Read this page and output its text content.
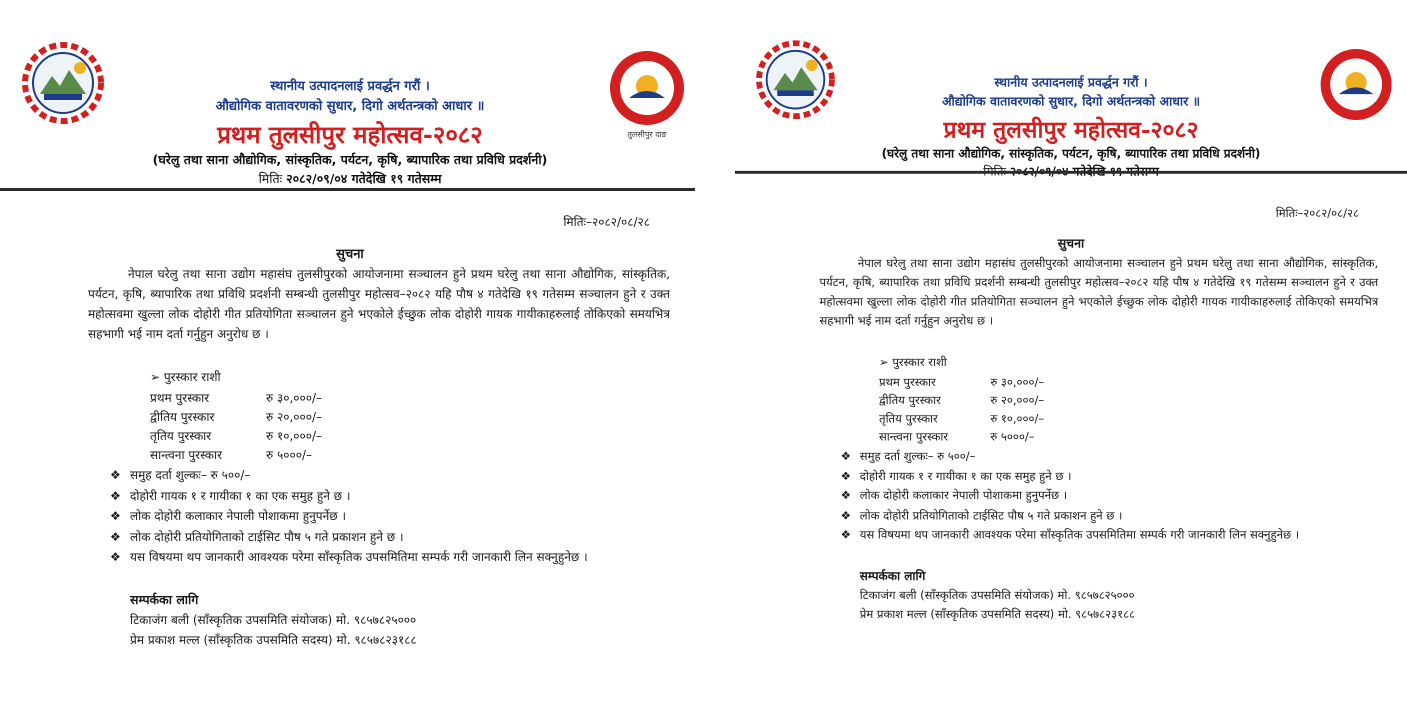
तुलसीपुर दाङ
स्थानीय उत्पादनलाई प्रवर्द्धन गरौं ।
औद्योगिक वातावरणको सुधार, दिगो अर्थतन्त्रको आधार ॥
प्रथम तुलसीपुर महोत्सव-२०८२
(घरेलु तथा साना औद्योगिक, सांस्कृतिक, पर्यटन, कृषि, ब्यापारिक तथा प्रविधि प्रदर्शनी)
मितिः २०८२/०९/०४ गतेदेखि १९ गतेसम्म
मितिः–२०८२/०८/२८
सुचना
नेपाल घरेलु तथा साना उद्योग महासंघ तुलसीपुरको आयोजनामा सञ्चालन हुने प्रथम घरेलु तथा साना औद्योगिक, सांस्कृतिक, पर्यटन, कृषि, ब्यापारिक तथा प्रविधि प्रदर्शनी सम्बन्धी तुलसीपुर महोत्सव–२०८२ यहि पौष ४ गतेदेखि १९ गतेसम्म सञ्चालन हुने र उक्त महोत्सवमा खुल्ला लोक दोहोरी गीत प्रतियोगिता सञ्चालन हुने भएकोले ईच्छुक लोक दोहोरी गायक गायीकाहरुलाई तोकिएको समयभित्र सहभागी भई नाम दर्ता गर्नुहुन अनुरोध छ ।
➢ पुरस्कार राशी
प्रथम पुरस्कार	रु ३०,०००/–
द्वीतिय पुरस्कार	रु २०,०००/–
तृतिय पुरस्कार	रु १०,०००/–
सान्त्वना पुरस्कार	रु ५०००/–
❖ समुह दर्ता शुल्कः– रु ५००/–
❖ दोहोरी गायक १ र गायीका १ का एक समुह हुने छ ।
❖ लोक दोहोरी कलाकार नेपाली पोशाकमा हुनुपर्नेछ ।
❖ लोक दोहोरी प्रतियोगिताको टाईसिट पौष ५ गते प्रकाशन हुने छ ।
❖ यस विषयमा थप जानकारी आवश्यक परेमा साँस्कृतिक उपसमितिमा सम्पर्क गरी जानकारी लिन सक्नुहुनेछ ।
सम्पर्कका लागि
टिकाजंग बली (साँस्कृतिक उपसमिति संयोजक) मो. ९८५७८२५०००
प्रेम प्रकाश मल्ल (साँस्कृतिक उपसमिति सदस्य) मो. ९८५७८२३१८८
स्थानीय उत्पादनलाई प्रवर्द्धन गरौं ।
औद्योगिक वातावरणको सुधार, दिगो अर्थतन्त्रको आधार ॥
प्रथम तुलसीपुर महोत्सव-२०८२
(घरेलु तथा साना औद्योगिक, सांस्कृतिक, पर्यटन, कृषि, ब्यापारिक तथा प्रविधि प्रदर्शनी)
मितिः–२०८२/०८/२८
सुचना
नेपाल घरेलु तथा साना उद्योग महासंघ तुलसीपुरको आयोजनामा सञ्चालन हुने प्रथम घरेलु तथा साना औद्योगिक, सांस्कृतिक, पर्यटन, कृषि, ब्यापारिक तथा प्रविधि प्रदर्शनी सम्बन्धी तुलसीपुर महोत्सव–२०८२ यहि पौष ४ गतेदेखि १९ गतेसम्म सञ्चालन हुने र उक्त महोत्सवमा खुल्ला लोक दोहोरी गीत प्रतियोगिता सञ्चालन हुने भएकोले ईच्छुक लोक दोहोरी गायक गायीकाहरुलाई तोकिएको समयभित्र सहभागी भई नाम दर्ता गर्नुहुन अनुरोध छ ।
➢ पुरस्कार राशी
प्रथम पुरस्कार	रु ३०,०००/–
द्वीतिय पुरस्कार	रु २०,०००/–
तृतिय पुरस्कार	रु १०,०००/–
सान्त्वना पुरस्कार	रु ५०००/–
❖ समुह दर्ता शुल्कः– रु ५००/–
❖ दोहोरी गायक १ र गायीका १ का एक समुह हुने छ ।
❖ लोक दोहोरी कलाकार नेपाली पोशाकमा हुनुपर्नेछ ।
❖ लोक दोहोरी प्रतियोगिताको टाईसिट पौष ५ गते प्रकाशन हुने छ ।
❖ यस विषयमा थप जानकारी आवश्यक परेमा साँस्कृतिक उपसमितिमा सम्पर्क गरी जानकारी लिन सक्नुहुनेछ ।
सम्पर्कका लागि
टिकाजंग बली (साँस्कृतिक उपसमिति संयोजक) मो. ९८५७८२५०००
प्रेम प्रकाश मल्ल (साँस्कृतिक उपसमिति सदस्य) मो. ९८५७८२३१८८
